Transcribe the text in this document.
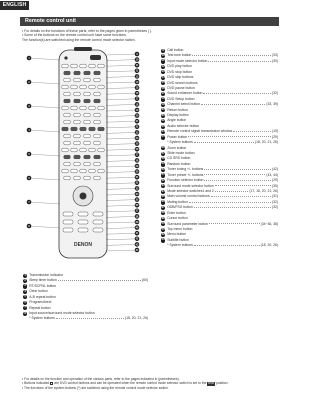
ENGLISH
Remote control unit
• For details on the functions of these parts, refer to the pages given in parentheses ( ).
• Some of the buttons on the remote control unit have some functions.
The function(s) are switched using the remote control mode selector switch.
DENON
1
2
3
4
5
6
7
8
9
10
11
12
13
14
15
16
17
18
19
20
21
22
23
24
25
26
27
28
29
30
31
32
33
34
35
36
37
38
39
40
41
42
43
44
1 Transmission indicator
2 Sleep timer button	(60)
3 RT/SCPNL button
4 Clear button
5 A-B repeat button
6 Program/direct
7 Repeat button
8 Input source/surround mode selector button
* System buttons	(18, 20, 21, 26)
9 Call button
10 Test tone button	(33)
11 Input mode selector button	(30)
12 DVD play button
13 DVD stop button
14 DVD skip buttons
15 DVD search buttons
16 DVD pause button
17 Sound enhancer button	(32)
18 DVD Setup button
19 Channel select button	(33, 39)
20 Return button
21 Display button
22 Angle button
23 Audio selector button
24 Remote control signal transmission window	(19)
25 Power button	(29)
* System buttons	(18, 20, 21, 26)
26 Zoom button
27 Slide mode button
28 CD SRS button
29 Random button
30 Tuner tuning +/- buttons	(42)
31 Tuner preset +/- buttons	(43, 44)
32 Function selector button	(29)
33 Surround mode selector button	(35)
34 Mode selector switches1 and 2	(17, 18, 20, 21, 26)
35 Main volume control buttons	(31)
36 Muting button	(32)
37 ODB/FSG button	(32)
38 Enter button
39 Cursor button
40 Surround parameter button	(34~36, 38)
41 Top menu button
42 Menu button
43 Subtitle button
* System buttons	(18, 20, 26)
• For details on the function and operation of the various parts, refer to the pages indicated in (parentheses).
• Buttons indicated are DVD control buttons and can be operated when the remote control mode selector switch is set to the DVD position.
• The functions of the system buttons (*) are switched using the remote control mode selector switch.
